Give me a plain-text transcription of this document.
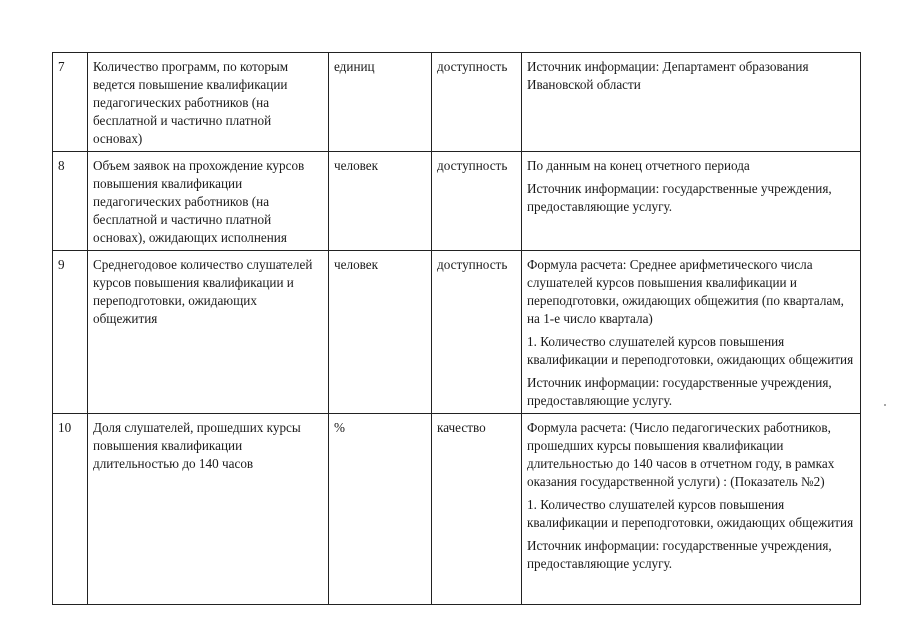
7	Количество программ, по которым ведется повышение квалификации педагогических работников (на бесплатной и частично платной основах)	единиц	доступность	Источник информации: Департамент образования Ивановской области

8	Объем заявок на прохождение курсов повышения квалификации педагогических работников (на бесплатной и частично платной основах), ожидающих исполнения	человек	доступность	По данным на конец отчетного периода
Источник информации: государственные учреждения, предоставляющие услугу.

9	Среднегодовое количество слушателей курсов повышения квалификации и переподготовки, ожидающих общежития	человек	доступность	Формула расчета: Среднее арифметического числа слушателей курсов повышения квалификации и переподготовки, ожидающих общежития (по кварталам, на 1-е число квартала)
1. Количество слушателей курсов повышения квалификации и переподготовки, ожидающих общежития
Источник информации: государственные учреждения, предоставляющие услугу.

10	Доля слушателей, прошедших курсы повышения квалификации длительностью до 140 часов	%	качество	Формула расчета: (Число педагогических работников, прошедших курсы повышения квалификации длительностью до 140 часов в отчетном году, в рамках оказания государственной услуги) : (Показатель №2)
1. Количество слушателей курсов повышения квалификации и переподготовки, ожидающих общежития
Источник информации: государственные учреждения, предоставляющие услугу.
